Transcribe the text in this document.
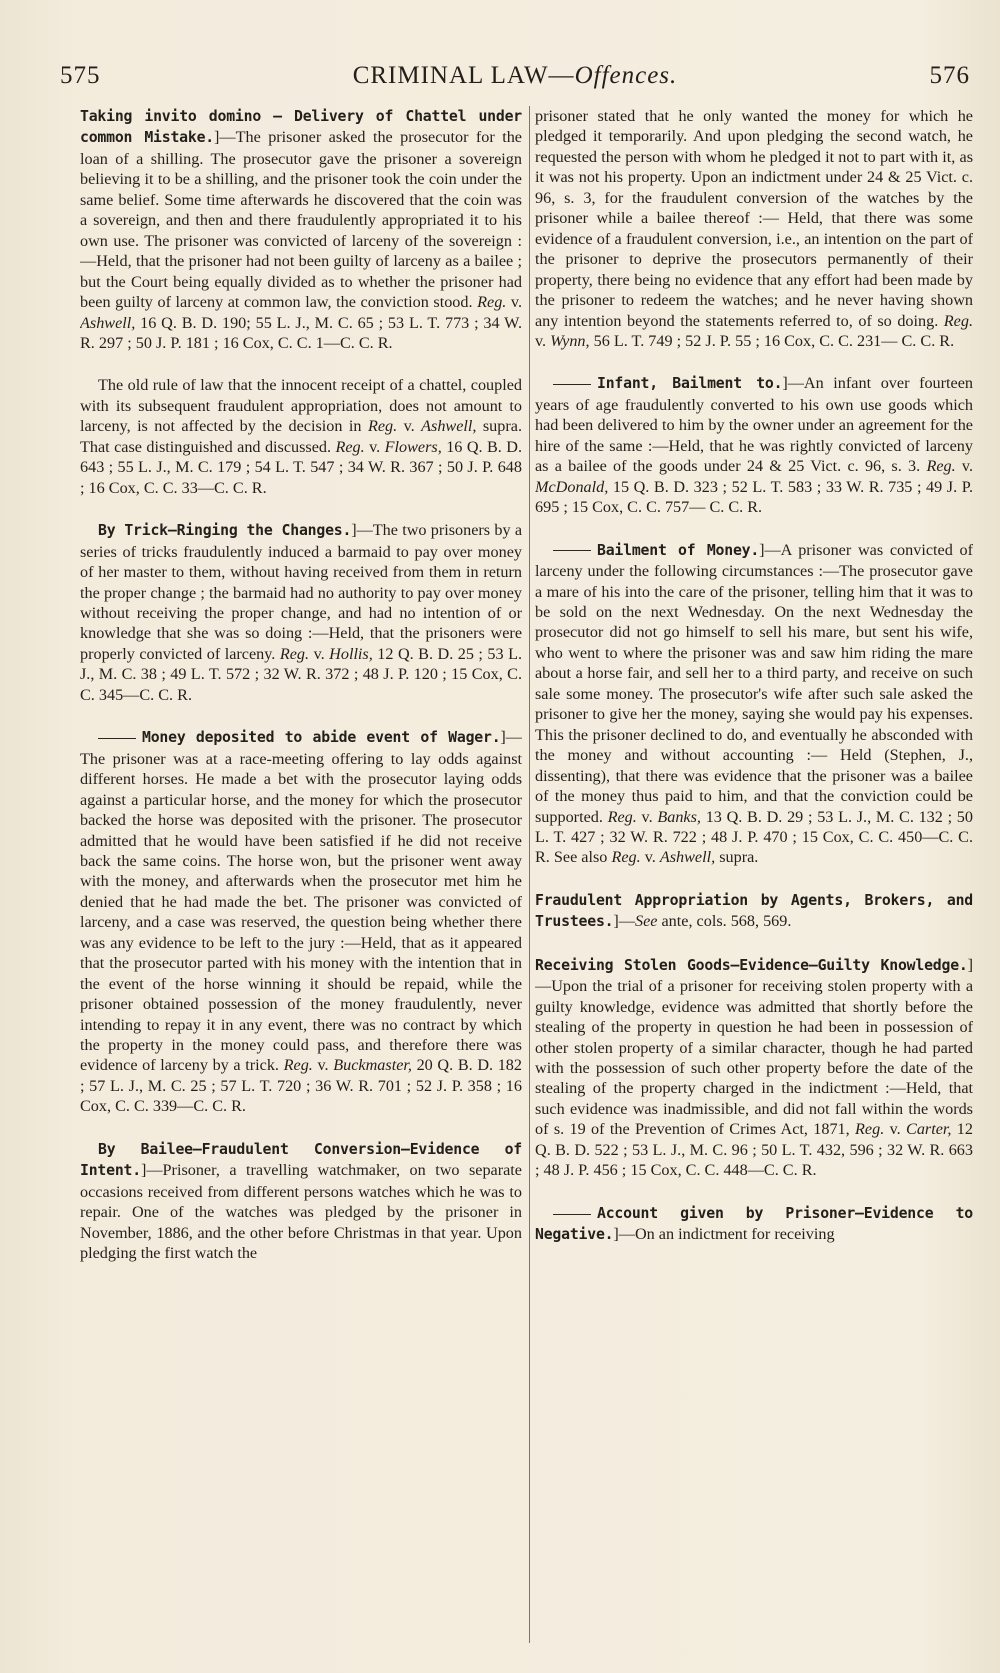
575	CRIMINAL LAW—Offences.	576

Taking invito domino — Delivery of Chattel under common Mistake.]—The prisoner asked the prosecutor for the loan of a shilling. The prosecutor gave the prisoner a sovereign believing it to be a shilling, and the prisoner took the coin under the same belief. Some time afterwards he discovered that the coin was a sovereign, and then and there fraudulently appropriated it to his own use. The prisoner was convicted of larceny of the sovereign :—Held, that the prisoner had not been guilty of larceny as a bailee ; but the Court being equally divided as to whether the prisoner had been guilty of larceny at common law, the conviction stood. Reg. v. Ashwell, 16 Q. B. D. 190; 55 L. J., M. C. 65 ; 53 L. T. 773 ; 34 W. R. 297 ; 50 J. P. 181 ; 16 Cox, C. C. 1—C. C. R.

The old rule of law that the innocent receipt of a chattel, coupled with its subsequent fraudulent appropriation, does not amount to larceny, is not affected by the decision in Reg. v. Ashwell, supra. That case distinguished and discussed. Reg. v. Flowers, 16 Q. B. D. 643 ; 55 L. J., M. C. 179 ; 54 L. T. 547 ; 34 W. R. 367 ; 50 J. P. 648 ; 16 Cox, C. C. 33—C. C. R.

By Trick—Ringing the Changes.]—The two prisoners by a series of tricks fraudulently induced a barmaid to pay over money of her master to them, without having received from them in return the proper change ; the barmaid had no authority to pay over money without receiving the proper change, and had no intention of or knowledge that she was so doing :—Held, that the prisoners were properly convicted of larceny. Reg. v. Hollis, 12 Q. B. D. 25 ; 53 L. J., M. C. 38 ; 49 L. T. 572 ; 32 W. R. 372 ; 48 J. P. 120 ; 15 Cox, C. C. 345—C. C. R.

Money deposited to abide event of Wager.]—The prisoner was at a race-meeting offering to lay odds against different horses. He made a bet with the prosecutor laying odds against a particular horse, and the money for which the prosecutor backed the horse was deposited with the prisoner. The prosecutor admitted that he would have been satisfied if he did not receive back the same coins. The horse won, but the prisoner went away with the money, and afterwards when the prosecutor met him he denied that he had made the bet. The prisoner was convicted of larceny, and a case was reserved, the question being whether there was any evidence to be left to the jury :—Held, that as it appeared that the prosecutor parted with his money with the intention that in the event of the horse winning it should be repaid, while the prisoner obtained possession of the money fraudulently, never intending to repay it in any event, there was no contract by which the property in the money could pass, and therefore there was evidence of larceny by a trick. Reg. v. Buckmaster, 20 Q. B. D. 182 ; 57 L. J., M. C. 25 ; 57 L. T. 720 ; 36 W. R. 701 ; 52 J. P. 358 ; 16 Cox, C. C. 339—C. C. R.

By Bailee—Fraudulent Conversion—Evidence of Intent.]—Prisoner, a travelling watchmaker, on two separate occasions received from different persons watches which he was to repair. One of the watches was pledged by the prisoner in November, 1886, and the other before Christmas in that year. Upon pledging the first watch the

prisoner stated that he only wanted the money for which he pledged it temporarily. And upon pledging the second watch, he requested the person with whom he pledged it not to part with it, as it was not his property. Upon an indictment under 24 & 25 Vict. c. 96, s. 3, for the fraudulent conversion of the watches by the prisoner while a bailee thereof :— Held, that there was some evidence of a fraudulent conversion, i.e., an intention on the part of the prisoner to deprive the prosecutors permanently of their property, there being no evidence that any effort had been made by the prisoner to redeem the watches; and he never having shown any intention beyond the statements referred to, of so doing. Reg. v. Wynn, 56 L. T. 749 ; 52 J. P. 55 ; 16 Cox, C. C. 231— C. C. R.

Infant, Bailment to.]—An infant over fourteen years of age fraudulently converted to his own use goods which had been delivered to him by the owner under an agreement for the hire of the same :—Held, that he was rightly convicted of larceny as a bailee of the goods under 24 & 25 Vict. c. 96, s. 3. Reg. v. McDonald, 15 Q. B. D. 323 ; 52 L. T. 583 ; 33 W. R. 735 ; 49 J. P. 695 ; 15 Cox, C. C. 757— C. C. R.

Bailment of Money.]—A prisoner was convicted of larceny under the following circumstances :—The prosecutor gave a mare of his into the care of the prisoner, telling him that it was to be sold on the next Wednesday. On the next Wednesday the prosecutor did not go himself to sell his mare, but sent his wife, who went to where the prisoner was and saw him riding the mare about a horse fair, and sell her to a third party, and receive on such sale some money. The prosecutor's wife after such sale asked the prisoner to give her the money, saying she would pay his expenses. This the prisoner declined to do, and eventually he absconded with the money and without accounting :— Held (Stephen, J., dissenting), that there was evidence that the prisoner was a bailee of the money thus paid to him, and that the conviction could be supported. Reg. v. Banks, 13 Q. B. D. 29 ; 53 L. J., M. C. 132 ; 50 L. T. 427 ; 32 W. R. 722 ; 48 J. P. 470 ; 15 Cox, C. C. 450—C. C. R. See also Reg. v. Ashwell, supra.

Fraudulent Appropriation by Agents, Brokers, and Trustees.]—See ante, cols. 568, 569.

Receiving Stolen Goods—Evidence—Guilty Knowledge.]—Upon the trial of a prisoner for receiving stolen property with a guilty knowledge, evidence was admitted that shortly before the stealing of the property in question he had been in possession of other stolen property of a similar character, though he had parted with the possession of such other property before the date of the stealing of the property charged in the indictment :—Held, that such evidence was inadmissible, and did not fall within the words of s. 19 of the Prevention of Crimes Act, 1871, Reg. v. Carter, 12 Q. B. D. 522 ; 53 L. J., M. C. 96 ; 50 L. T. 432, 596 ; 32 W. R. 663 ; 48 J. P. 456 ; 15 Cox, C. C. 448—C. C. R.

Account given by Prisoner—Evidence to Negative.]—On an indictment for receiving
